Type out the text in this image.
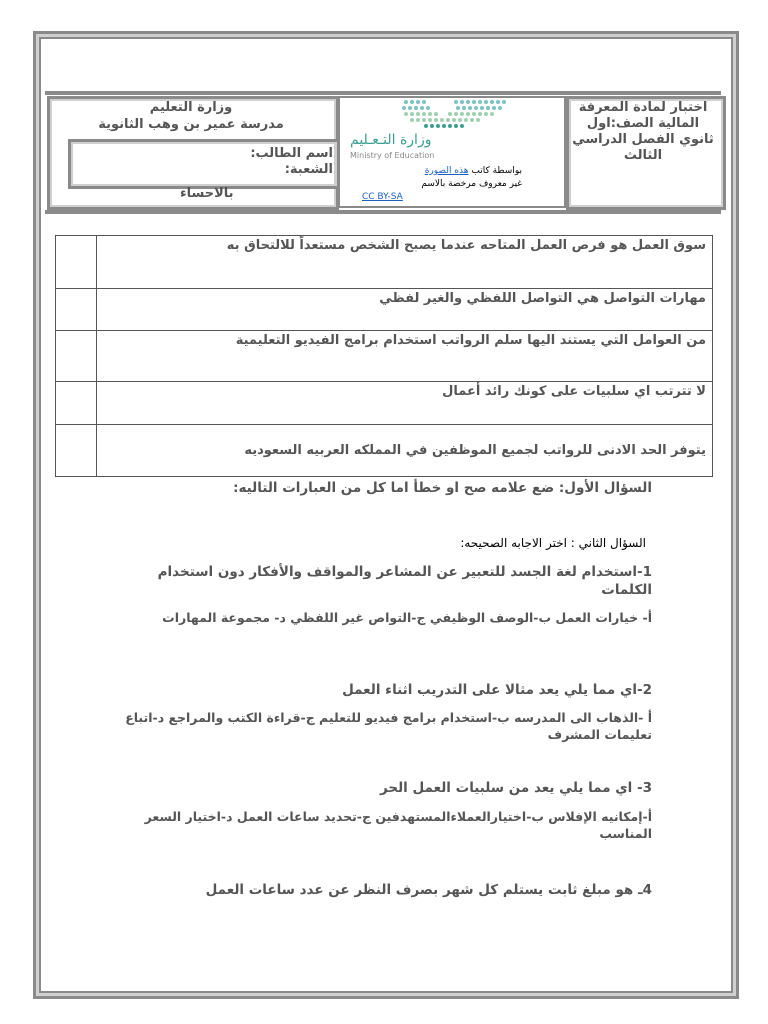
وزارة التعليم
مدرسة عمير بن وهب الثانوية
اسم الطالب:
الشعبة:
بالاحساء
وزارة التـعـليم
Ministry of Education
بواسطة كاتب هذه الصورة
غير معروف مرخصة بالاسم
CC BY-SA
اختبار لمادة المعرفة المالية الصف:اول ثانوي الفصل الدراسي الثالث
	سوق العمل هو فرص العمل المتاحه عندما يصبح الشخص مستعداً للالتحاق به
	مهارات التواصل هي التواصل اللفظي والغير لفظي
	من العوامل التي يستند اليها سلم الرواتب استخدام برامج الفيديو التعليمية
	لا تترتب اي سلبيات على كونك رائد أعمال
	يتوفر الحد الادنى للرواتب لجميع الموظفين في المملكه العربيه السعوديه
السؤال الأول: ضع علامه صح او خطأ اما كل من العبارات التاليه:
السؤال الثاني : اختر الاجابه الصحيحه:
1-استخدام لغة الجسد للتعبير عن المشاعر والمواقف والأفكار دون استخدام الكلمات
أ- خيارات العمل ب-الوصف الوظيفي ج-التواص غير اللفظي د- مجموعة المهارات
2-اي مما يلي يعد مثالا على التدريب اثناء العمل
أ -الذهاب الى المدرسه ب-استخدام برامج فيديو للتعليم ج-قراءة الكتب والمراجع د-اتباع تعليمات المشرف
3- اي مما يلي يعد من سلبيات العمل الحر
أ-إمكانيه الإفلاس ب-اختيارالعملاءالمستهدفين ج-تحديد ساعات العمل د-اختيار السعر المناسب
4ـ هو مبلغ ثابت يستلم كل شهر بصرف النظر عن عدد ساعات العمل
